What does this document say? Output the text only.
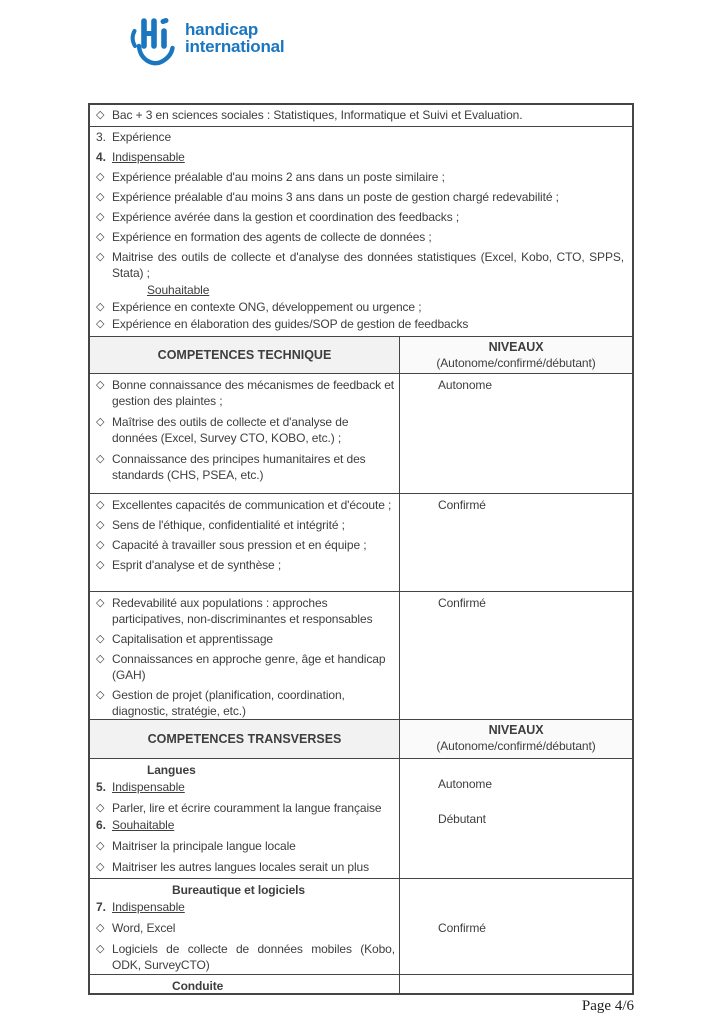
handicap
international
◇ Bac + 3 en sciences sociales : Statistiques, Informatique et Suivi et Evaluation.
3. Expérience
4. Indispensable
◇ Expérience préalable d'au moins 2 ans dans un poste similaire ;
◇ Expérience préalable d'au moins 3 ans dans un poste de gestion chargé redevabilité ;
◇ Expérience avérée dans la gestion et coordination des feedbacks ;
◇ Expérience en formation des agents de collecte de données ;
◇ Maitrise des outils de collecte et d'analyse des données statistiques (Excel, Kobo, CTO, SPPS, Stata) ;
Souhaitable
◇ Expérience en contexte ONG, développement ou urgence ;
◇ Expérience en élaboration des guides/SOP de gestion de feedbacks
COMPETENCES TECHNIQUE
NIVEAUX
(Autonome/confirmé/débutant)
◇ Bonne connaissance des mécanismes de feedback et gestion des plaintes ;
◇ Maîtrise des outils de collecte et d'analyse de données (Excel, Survey CTO, KOBO, etc.) ;
◇ Connaissance des principes humanitaires et des standards (CHS, PSEA, etc.)
Autonome
◇ Excellentes capacités de communication et d'écoute ;
◇ Sens de l'éthique, confidentialité et intégrité ;
◇ Capacité à travailler sous pression et en équipe ;
◇ Esprit d'analyse et de synthèse ;
Confirmé
◇ Redevabilité aux populations : approches participatives, non-discriminantes et responsables
◇ Capitalisation et apprentissage
◇ Connaissances en approche genre, âge et handicap (GAH)
◇ Gestion de projet (planification, coordination, diagnostic, stratégie, etc.)
Confirmé
COMPETENCES TRANSVERSES
NIVEAUX
(Autonome/confirmé/débutant)
Langues
5. Indispensable
◇ Parler, lire et écrire couramment la langue française
6. Souhaitable
◇ Maitriser la principale langue locale
◇ Maitriser les autres langues locales serait un plus
Autonome
Débutant
Bureautique et logiciels
7. Indispensable
◇ Word, Excel
◇ Logiciels de collecte de données mobiles (Kobo, ODK, SurveyCTO)
Confirmé
Conduite
Page 4/6
